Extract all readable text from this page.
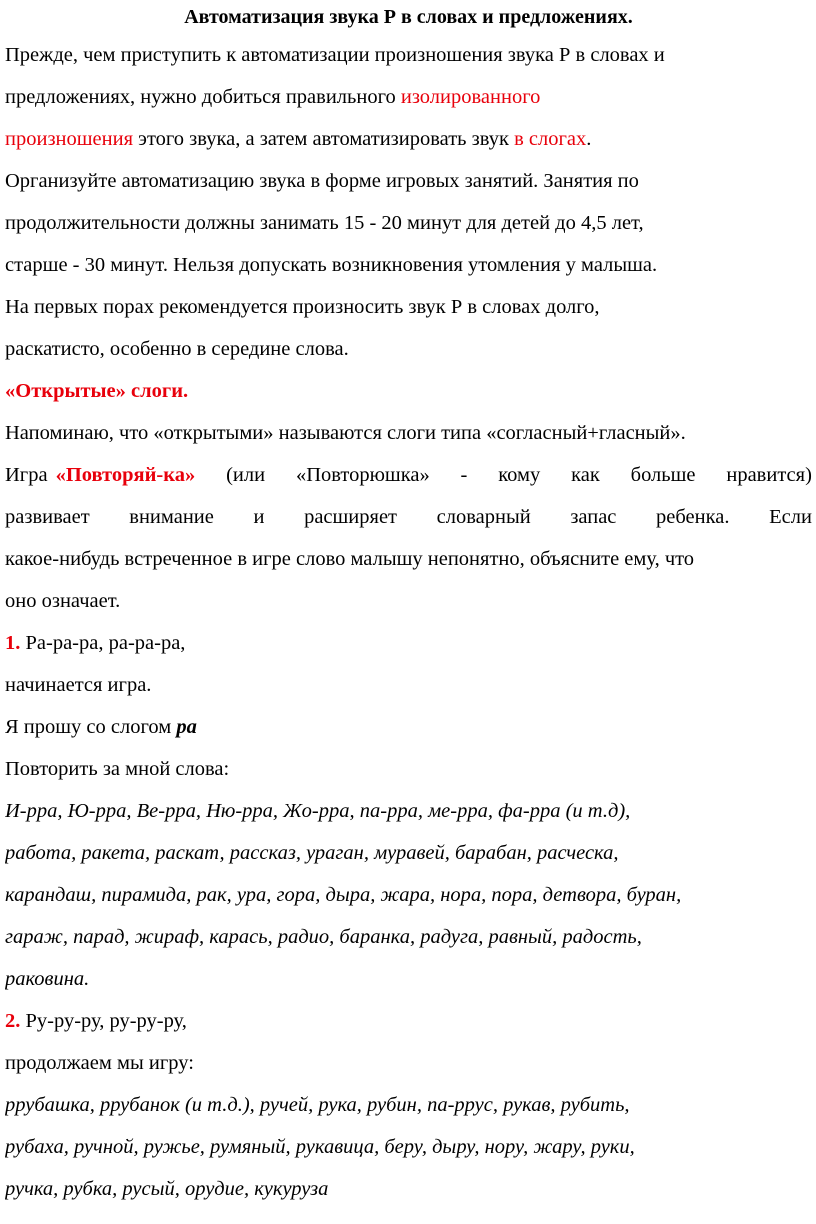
Автоматизация звука Р в словах и предложениях.
Прежде, чем приступить к автоматизации произношения звука Р в словах и
предложениях, нужно добиться правильного изолированного
произношения этого звука, а затем автоматизировать звук в слогах.
Организуйте автоматизацию звука в форме игровых занятий. Занятия по
продолжительности должны занимать 15 - 20 минут для детей до 4,5 лет,
старше - 30 минут. Нельзя допускать возникновения утомления у малыша.
На первых порах рекомендуется произносить звук Р в словах долго,
раскатисто, особенно в середине слова.
«Открытые» слоги.
Напоминаю, что «открытыми» называются слоги типа «согласный+гласный».
Игра «Повторяй-ка» (или «Повторюшка» - кому как больше нравится)
развивает внимание и расширяет словарный запас ребенка. Если
какое-нибудь встреченное в игре слово малышу непонятно, объясните ему, что
оно означает.
1. Ра-ра-ра, ра-ра-ра,
начинается игра.
Я прошу со слогом ра
Повторить за мной слова:
И-рра, Ю-рра, Ве-рра, Ню-рра, Жо-рра, па-рра, ме-рра, фа-рра (и т.д),
работа, ракета, раскат, рассказ, ураган, муравей, барабан, расческа,
карандаш, пирамида, рак, ура, гора, дыра, жара, нора, пора, детвора, буран,
гараж, парад, жираф, карась, радио, баранка, радуга, равный, радость,
раковина.
2. Ру-ру-ру, ру-ру-ру,
продолжаем мы игру:
ррубашка, ррубанок (и т.д.), ручей, рука, рубин, па-ррус, рукав, рубить,
рубаха, ручной, ружье, румяный, рукавица, беру, дыру, нору, жару, руки,
ручка, рубка, русый, орудие, кукуруза
